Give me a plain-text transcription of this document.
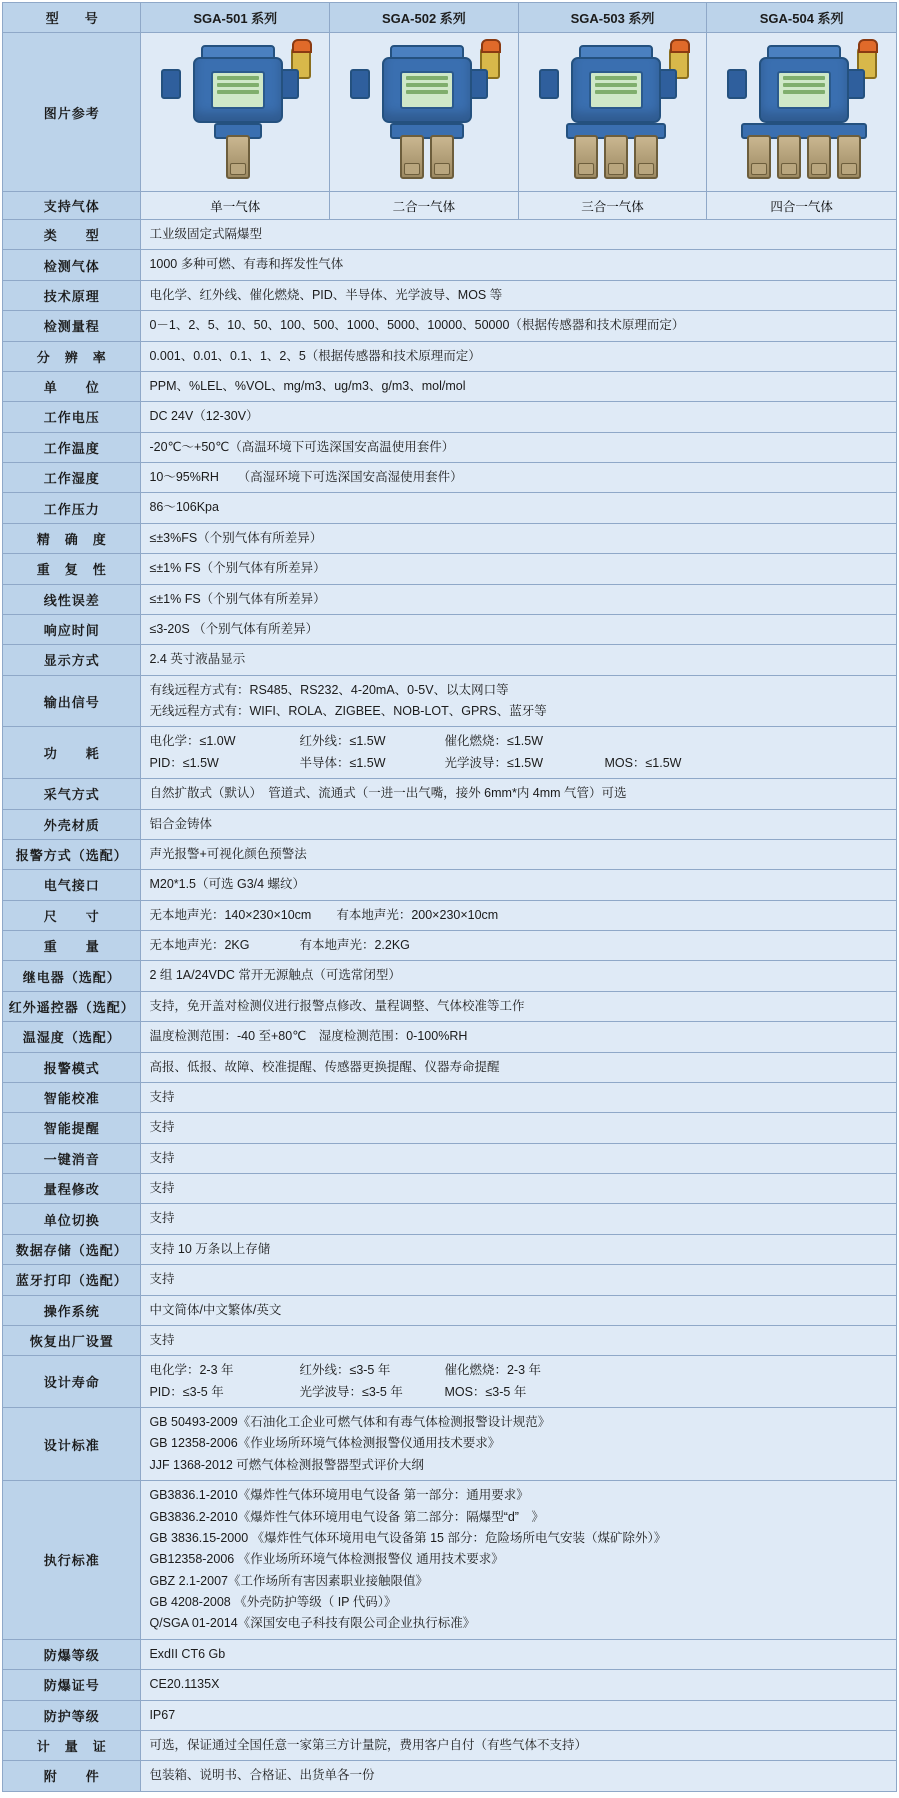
型　　号	SGA-501 系列	SGA-502 系列	SGA-503 系列	SGA-504 系列
图片参考	

支持气体	单一气体	二合一气体	三合一气体	四合一气体
类　　型	工业级固定式隔爆型			

检测气体	1000 多种可燃、有毒和挥发性气体			

技术原理	电化学、红外线、催化燃烧、PID、半导体、光学波导、MOS 等			

检测量程	0－1、2、5、10、50、100、500、1000、5000、10000、50000（根据传感器和技术原理而定）			

分　辨　率	0.001、0.01、0.1、1、2、5（根据传感器和技术原理而定）			

单　　位	PPM、%LEL、%VOL、mg/m3、ug/m3、g/m3、mol/mol			

工作电压	DC 24V（12-30V）			

工作温度	-20℃～+50℃（高温环境下可选深国安高温使用套件）			

工作湿度	10～95%RH　　（高湿环境下可选深国安高湿使用套件）			

工作压力	86～106Kpa			

精　确　度	≤±3%FS（个别气体有所差异）			

重　复　性	≤±1% FS（个别气体有所差异）			

线性误差	≤±1% FS（个别气体有所差异）			

响应时间	≤3-20S （个别气体有所差异）			

显示方式	2.4 英寸液晶显示			

输出信号	有线远程方式有：RS485、RS232、4-20mA、0-5V、以太网口等
无线远程方式有：WIFI、ROLA、ZIGBEE、NOB-LOT、GPRS、蓝牙等			

功　　耗	
电化学：≤1.0W	红外线：≤1.5W	催化燃烧：≤1.5W
PID：≤1.5W	半导体：≤1.5W	光学波导：≤1.5W	MOS：≤1.5W

采气方式	自然扩散式（默认）　管道式、流通式（一进一出气嘴，接外 6mm*内 4mm 气管）可选			

外壳材质	铝合金铸体			

报警方式（选配）	声光报警+可视化颜色预警法			

电气接口	M20*1.5（可选 G3/4 螺纹）			

尺　　寸	无本地声光：140×230×10cm　　有本地声光：200×230×10cm			

重　　量	无本地声光：2KG　　　　有本地声光：2.2KG			

继电器（选配）	2 组 1A/24VDC 常开无源触点（可选常闭型）			

红外遥控器（选配）	支持，免开盖对检测仪进行报警点修改、量程调整、气体校准等工作			

温湿度（选配）	温度检测范围：-40 至+80℃　湿度检测范围：0-100%RH			

报警模式	高报、低报、故障、校准提醒、传感器更换提醒、仪器寿命提醒			

智能校准	支持			

智能提醒	支持			

一键消音	支持			

量程修改	支持			

单位切换	支持			

数据存储（选配）	支持 10 万条以上存储			

蓝牙打印（选配）	支持			

操作系统	中文简体/中文繁体/英文			

恢复出厂设置	支持			

设计寿命	
电化学：2-3 年	红外线：≤3-5 年	催化燃烧：2-3 年
PID：≤3-5 年	光学波导：≤3-5 年	MOS：≤3-5 年

设计标准	GB 50493-2009《石油化工企业可燃气体和有毒气体检测报警设计规范》
GB 12358-2006《作业场所环境气体检测报警仪通用技术要求》
JJF 1368-2012 可燃气体检测报警器型式评价大纲			

执行标准	
GB3836.1-2010《爆炸性气体环境用电气设备 第一部分：通用要求》
GB3836.2-2010《爆炸性气体环境用电气设备 第二部分：隔爆型“d”　》
GB 3836.15-2000 《爆炸性气体环境用电气设备第 15 部分：危险场所电气安装（煤矿除外）》
GB12358-2006 《作业场所环境气体检测报警仪 通用技术要求》
GBZ 2.1-2007《工作场所有害因素职业接触限值》
GB 4208-2008 《外壳防护等级（ IP 代码）》
Q/SGA 01-2014《深国安电子科技有限公司企业执行标准》

防爆等级	ExdII CT6 Gb			

防爆证号	CE20.1135X			

防护等级	IP67			

计　量　证	可选，保证通过全国任意一家第三方计量院，费用客户自付（有些气体不支持）			

附　　件	包装箱、说明书、合格证、出货单各一份			
